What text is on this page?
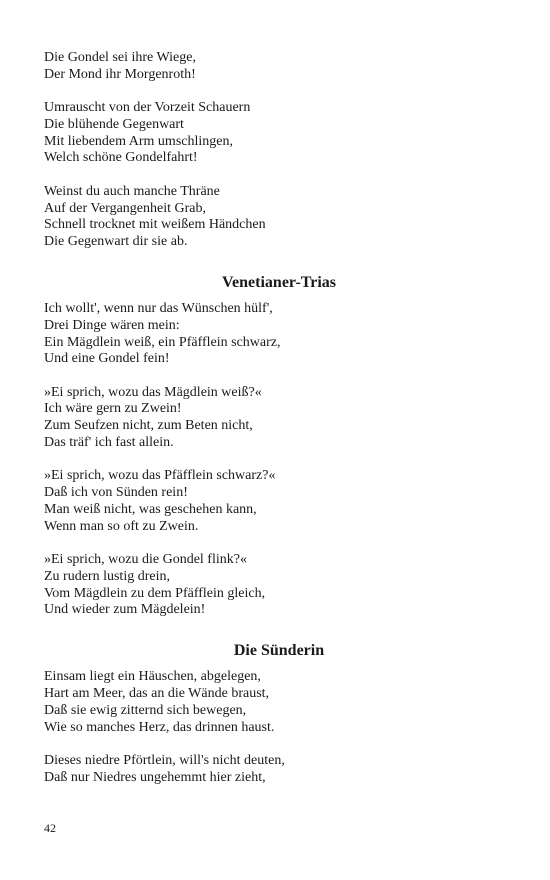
Die Gondel sei ihre Wiege,
Der Mond ihr Morgenroth!
Umrauscht von der Vorzeit Schauern
Die blühende Gegenwart
Mit liebendem Arm umschlingen,
Welch schöne Gondelfahrt!
Weinst du auch manche Thräne
Auf der Vergangenheit Grab,
Schnell trocknet mit weißem Händchen
Die Gegenwart dir sie ab.
Venetianer-Trias
Ich wollt', wenn nur das Wünschen hülf',
Drei Dinge wären mein:
Ein Mägdlein weiß, ein Pfäfflein schwarz,
Und eine Gondel fein!
»Ei sprich, wozu das Mägdlein weiß?«
Ich wäre gern zu Zwein!
Zum Seufzen nicht, zum Beten nicht,
Das träf' ich fast allein.
»Ei sprich, wozu das Pfäfflein schwarz?«
Daß ich von Sünden rein!
Man weiß nicht, was geschehen kann,
Wenn man so oft zu Zwein.
»Ei sprich, wozu die Gondel flink?«
Zu rudern lustig drein,
Vom Mägdlein zu dem Pfäfflein gleich,
Und wieder zum Mägdelein!
Die Sünderin
Einsam liegt ein Häuschen, abgelegen,
Hart am Meer, das an die Wände braust,
Daß sie ewig zitternd sich bewegen,
Wie so manches Herz, das drinnen haust.
Dieses niedre Pförtlein, will's nicht deuten,
Daß nur Niedres ungehemmt hier zieht,
42
